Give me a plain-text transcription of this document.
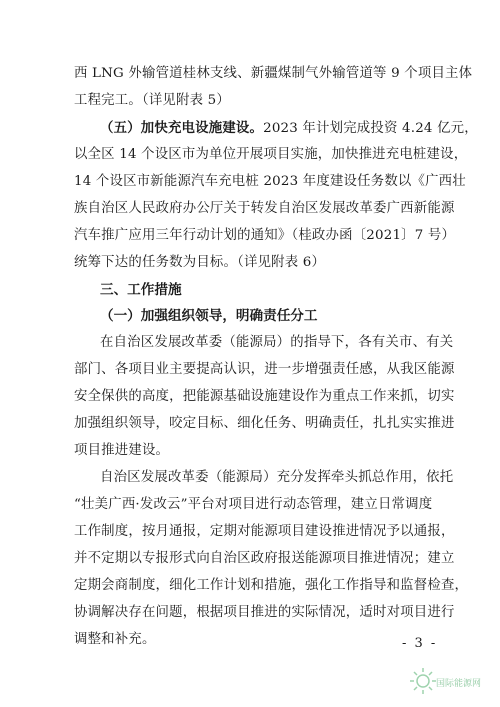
西 LNG 外输管道桂林支线、新疆煤制气外输管道等 9 个项目主体
工程完工。（详见附表 5）
（五）加快充电设施建设。2023 年计划完成投资 4.24 亿元，
以全区 14 个设区市为单位开展项目实施，加快推进充电桩建设，
14 个设区市新能源汽车充电桩 2023 年度建设任务数以《广西壮
族自治区人民政府办公厅关于转发自治区发展改革委广西新能源
汽车推广应用三年行动计划的通知》（桂政办函〔2021〕7 号）
统筹下达的任务数为目标。（详见附表 6）
三、工作措施
（一）加强组织领导，明确责任分工
在自治区发展改革委（能源局）的指导下，各有关市、有关
部门、各项目业主要提高认识，进一步增强责任感，从我区能源
安全保供的高度，把能源基础设施建设作为重点工作来抓，切实
加强组织领导，咬定目标、细化任务、明确责任，扎扎实实推进
项目推进建设。
自治区发展改革委（能源局）充分发挥牵头抓总作用，依托
“壮美广西·发改云”平台对项目进行动态管理，建立日常调度
工作制度，按月通报，定期对能源项目建设推进情况予以通报，
并不定期以专报形式向自治区政府报送能源项目推进情况；建立
定期会商制度，细化工作计划和措施，强化工作指导和监督检查，
协调解决存在问题，根据项目推进的实际情况，适时对项目进行
调整和补充。	- 3 -
国际能源网
